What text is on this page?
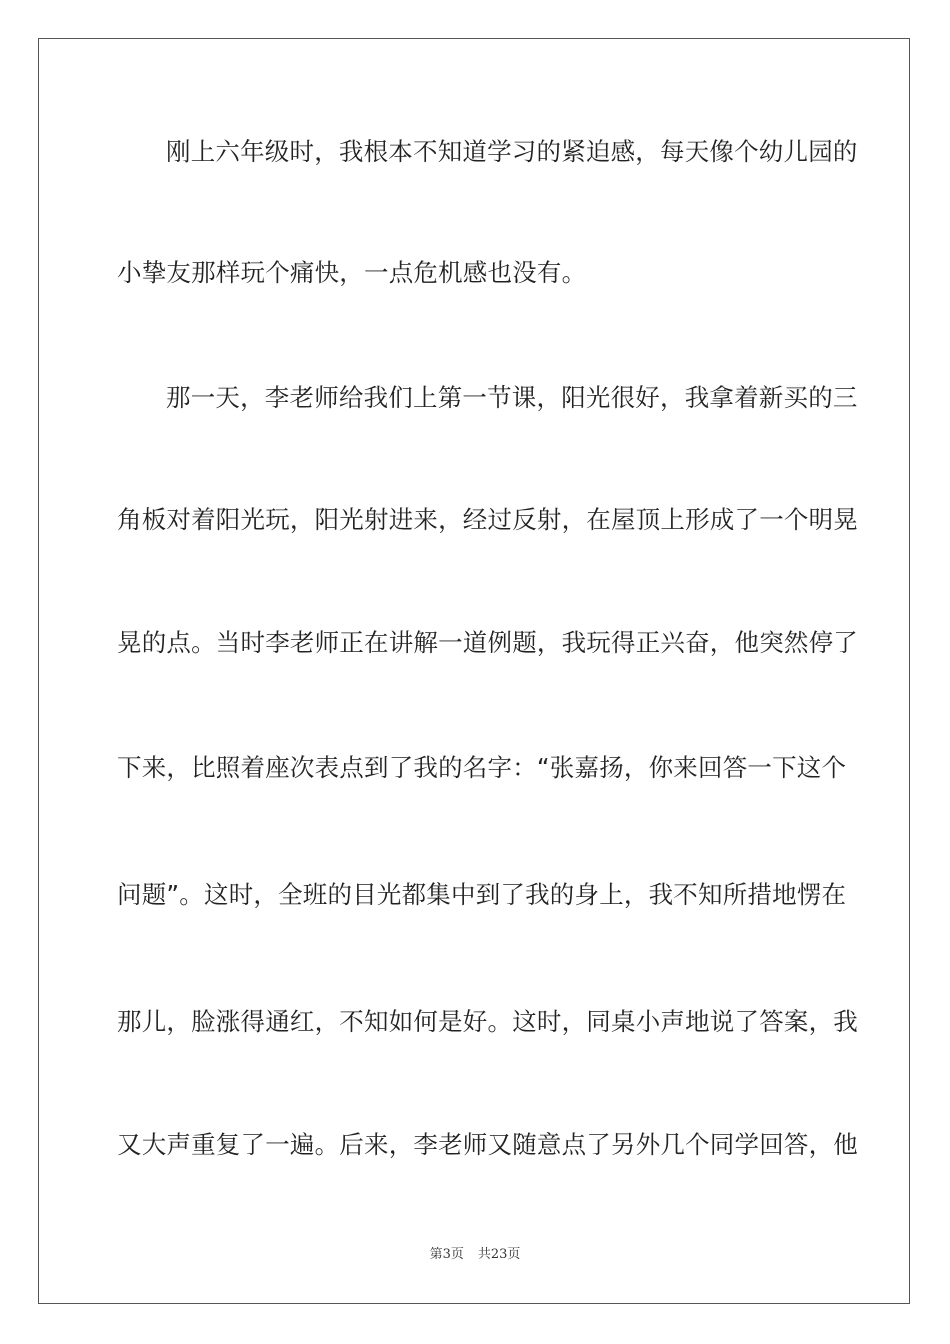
刚上六年级时，我根本不知道学习的紧迫感，每天像个幼儿园的
小挚友那样玩个痛快，一点危机感也没有。
那一天，李老师给我们上第一节课，阳光很好，我拿着新买的三
角板对着阳光玩，阳光射进来，经过反射，在屋顶上形成了一个明晃
晃的点。当时李老师正在讲解一道例题，我玩得正兴奋，他突然停了
下来，比照着座次表点到了我的名字：“张嘉扬，你来回答一下这个
问题”。这时，全班的目光都集中到了我的身上，我不知所措地愣在
那儿，脸涨得通红，不知如何是好。这时，同桌小声地说了答案，我
又大声重复了一遍。后来，李老师又随意点了另外几个同学回答，他
第3页 共23页
